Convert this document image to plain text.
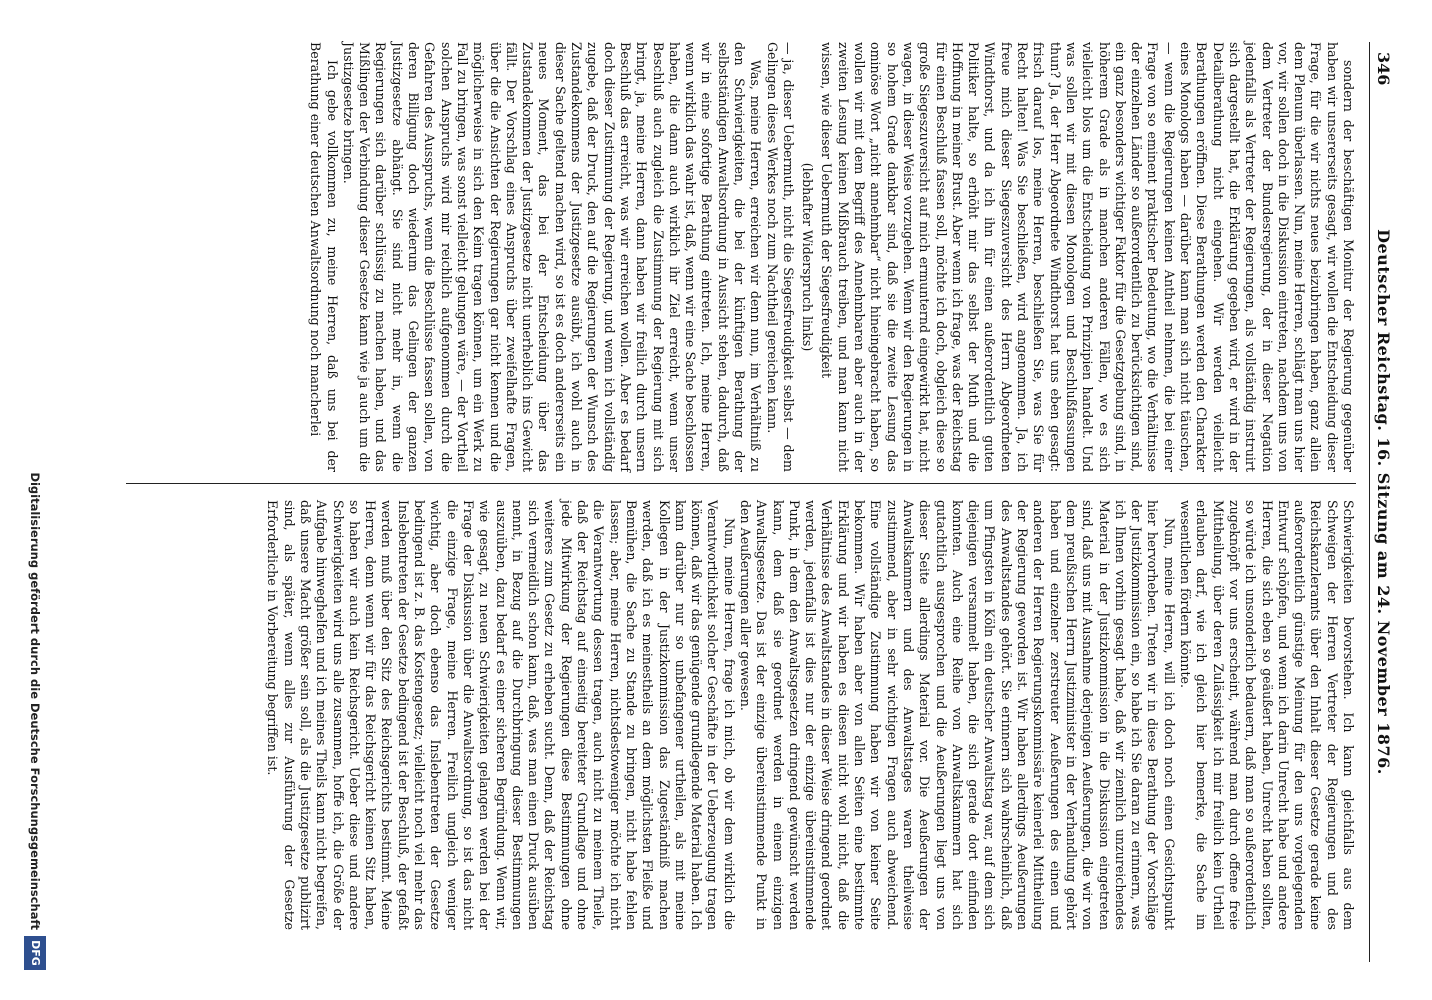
346
Deutscher Reichstag. 16. Sitzung am 24. November 1876.

sondern der beschäftigen Monitur der Regierung gegenüber haben wir unsererseits gesagt, wir wollen die Entscheidung dieser Frage, für die wir nichts neues beizubringen haben, ganz allein dem Plenum überlassen. Nun, meine Herren, schlägt man uns hier vor, wir sollen doch in die Diskussion eintreten, nachdem uns von dem Vertreter der Bundesregierung, der in dieser Negation jedenfalls als Vertreter der Regierungen, als vollständig instruirt sich dargestellt hat, die Erklärung gegeben wird, er wird in der Detailberathung nicht eingehen. Wir werden vielleicht Berathungen eröffnen. Diese Berathungen werden den Charakter eines Monologs haben — darüber kann man sich nicht täuschen, — wenn die Regierungen keinen Antheil nehmen, die bei einer Frage von so eminent praktischer Bedeutung, wo die Verhältnisse der einzelnen Länder so außerordentlich zu berücksichtigen sind, ein ganz besonders wichtiger Faktor für die Gesetzgebung sind, in höherem Grade als in manchen anderen Fällen, wo es sich vielleicht blos um die Entscheidung von Prinzipien handelt. Und was sollen wir mit diesen Monologen und Beschlußfassungen thun? Ja, der Herr Abgeordnete Windthorst hat uns eben gesagt: frisch darauf los, meine Herren, beschließen Sie, was Sie für Recht halten! Was Sie beschließen, wird angenommen. Ja, ich freue mich dieser Siegeszuversicht des Herrn Abgeordneten Windthorst, und da ich ihn für einen außerordentlich guten Politiker halte, so erhöht mir das selbst der Muth und die Hoffnung in meiner Brust. Aber wenn ich frage, was der Reichstag für einen Beschluß fassen soll, möchte ich doch, obgleich diese so große Siegeszuversicht auf mich ermunternd eingewirkt hat, nicht wagen, in dieser Weise vorzugehen. Wenn wir den Regierungen in so hohem Grade dankbar sind, daß sie die zweite Lesung das ominöse Wort „nicht annehmbar“ nicht hineingebracht haben, so wollen wir mit dem Begriff des Annehmbaren aber auch in der zweiten Lesung keinen Mißbrauch treiben, und man kann nicht wissen, wie dieser Uebermuth der Siegesfreudigkeit

(lebhafter Widerspruch links)

— ja, dieser Uebermuth, nicht die Siegesfreudigkeit selbst — dem Gelingen dieses Werkes noch zum Nachtheil gereichen kann.

Was, meine Herren, erreichen wir denn nun, im Verhältniß zu den Schwierigkeiten, die bei der künftigen Berathung der selbstständigen Anwaltsordnung in Aussicht stehen, dadurch, daß wir in eine sofortige Berathung eintreten. Ich, meine Herren, wenn wirklich das wahr ist, daß, wenn wir eine Sache beschlossen haben, die dann auch wirklich ihr Ziel erreicht, wenn unser Beschluß auch zugleich die Zustimmung der Regierung mit sich bringt, ja, meine Herren, dann haben wir freilich durch unsern Beschluß das erreicht, was wir erreichen wollen. Aber es bedarf doch dieser Zustimmung der Regierung, und wenn ich vollständig zugebe, daß der Druck, den auf die Regierungen der Wunsch des Zustandekommens der Justizgesetze ausübt, ich wohl auch in dieser Sache geltend machen wird, so ist es doch andererseits ein neues Moment, das bei der Entscheidung über das Zustandekommen der Justizgesetze nicht unerheblich ins Gewicht fällt. Der Vorschlag eines Anspruchs über zweifelhafte Fragen, über die die Ansichten der Regierungen gar nicht kennen und die möglicherweise in sich den Keim tragen können, um ein Werk zu Fall zu bringen, was sonst vielleicht gelungen wäre, — der Vortheil solchen Anspruchs wird mir reichlich aufgenommen durch die Gefahren des Ausspruchs, wenn die Beschlüsse fassen sollen, von deren Billigung doch wiederum das Gelingen der ganzen Justizgesetze abhängt. Sie sind nicht mehr in, wenn die Regierungen sich darüber schlüssig zu machen haben, und das Mißlingen der Verbindung dieser Gesetze kann wie ja auch um die Justizgesetze bringen.

Ich gebe vollkommen zu, meine Herren, daß uns bei der Berathung einer deutschen Anwaltsordnung noch mancherlei

Schwierigkeiten bevorstehen. Ich kann gleichfalls aus dem Schweigen der Herren Vertreter der Regierungen und des Reichskanzleramts über den Inhalt dieser Gesetze gerade keine außerordentlich günstige Meinung für den uns vorgelegenden Entwurf schöpfen, und wenn ich darin Unrecht habe und andere Herren, die sich eben so geäußert haben, Unrecht haben sollten, so würde ich unsonderlich bedauern, daß man so außerordentlich zugeknöpft vor uns erscheint, während man durch offene freie Mittheilung, über deren Zulässigkeit ich mir freilich kein Urtheil erlauben darf, wie ich gleich hier bemerke, die Sache im wesentlichen fördern könnte.

Nun, meine Herren, will ich doch noch einen Gesichtspunkt hier hervorheben. Treten wir in diese Berathung der Vorschläge der Justizkommission ein, so habe ich Sie daran zu erinnern, was ich Ihnen vorhin gesagt habe, daß wir ziemlich unzureichendes Material in der Justizkommission in die Diskussion eingetreten sind, daß uns mit Ausnahme derjenigen Aeußerungen, die wir von dem preußischen Herrn Justizminister in der Verhandlung gehört haben und einzelner zerstreuter Aeußerungen des einen und anderen der Herren Regierungskommissäre keinerlei Mittheilung der Regierung geworden ist. Wir haben allerdings Aeußerungen des Anwaltstandes gehört. Sie erinnern sich wahrscheinlich, daß um Pfingsten in Köln ein deutscher Anwaltstag war, auf dem sich diejenigen versammelt haben, die sich gerade dort einfinden konnten. Auch eine Reihe von Anwaltskammern hat sich gutachtlich ausgesprochen und die Aeußerungen liegt uns von dieser Seite allerdings Material vor. Die Aeußerungen der Anwaltskammern und des Anwaltstages waren theilweise zustimmend, aber in sehr wichtigen Fragen auch abweichend. Eine vollständige Zustimmung haben wir von keiner Seite bekommen. Wir haben aber von allen Seiten eine bestimmte Erklärung und wir haben es diesen nicht wohl nicht, daß die Verhältnisse des Anwaltstandes in dieser Weise dringend geordnet werden, jedenfalls ist dies nur der einzige übereinstimmende Punkt, in dem den Anwaltsgesetzen dringend gewünscht werden kann, dem daß sie geordnet werden in einem einzigen Anwaltsgesetze. Das ist der einzige übereinstimmende Punkt in den Aeußerungen aller gewesen.

Nun, meine Herren, frage ich mich, ob wir dem wirklich die Verantwortlichkeit solcher Geschäfte in der Ueberzeugung tragen können, daß wir das genügende grundlegende Material haben. Ich kann darüber nur so unbefangener urtheilen, als mit meine Kollegen in der Justizkommission das Zugeständniß machen werden, daß ich es meinestheils an dem möglichsten Fleiße und Bemühen, die Sache zu Stande zu bringen, nicht habe fehlen lassen; aber, meine Herren, nichtsdestoweniger möchte ich nicht die Verantwortung dessen tragen, auch nicht zu meinem Theile, daß der Reichstag auf einseitig bereiteter Grundlage und ohne jede Mitwirkung der Regierungen diese Bestimmungen ohne weiteres zum Gesetz zu erheben sucht. Denn, daß der Reichstag sich vermeidlich schon kann, daß, was man einen Druck ausüben nennt, in Bezug auf die Durchbringung dieser Bestimmungen auszuüben, dazu bedarf es einer sicheren Begründung. Wenn wir, wie gesagt, zu neuen Schwierigkeiten gelangen werden bei der Frage der Diskussion über die Anwaltsordnung, so ist das nicht die einzige Frage, meine Herren. Freilich ungleich weniger wichtig, aber doch ebenso das Inslebentreten der Gesetze bedingend ist z. B. das Kostengesetz; vielleicht noch viel mehr das Inslebentreten der Gesetze bedingend ist der Beschluß, der gefaßt werden muß über den Sitz des Reichsgerichts bestimmt. Meine Herren, denn wenn wir für das Reichsgericht keinen Sitz haben, so haben wir auch kein Reichsgericht. Ueber diese und andere Schwierigkeiten wird uns alle zusammen, hoffe ich, die Größe der Aufgabe hinweghelfen und ich meines Theils kann nicht begreifen, daß unsere Macht größer sein soll, als die Justizgesetze publizirt sind, als später, wenn alles zur Ausführung der Gesetze Erforderliche in Vorbereitung begriffen ist.

Digitalisierung gefördert durch die Deutsche Forschungsgemeinschaft
DFG
